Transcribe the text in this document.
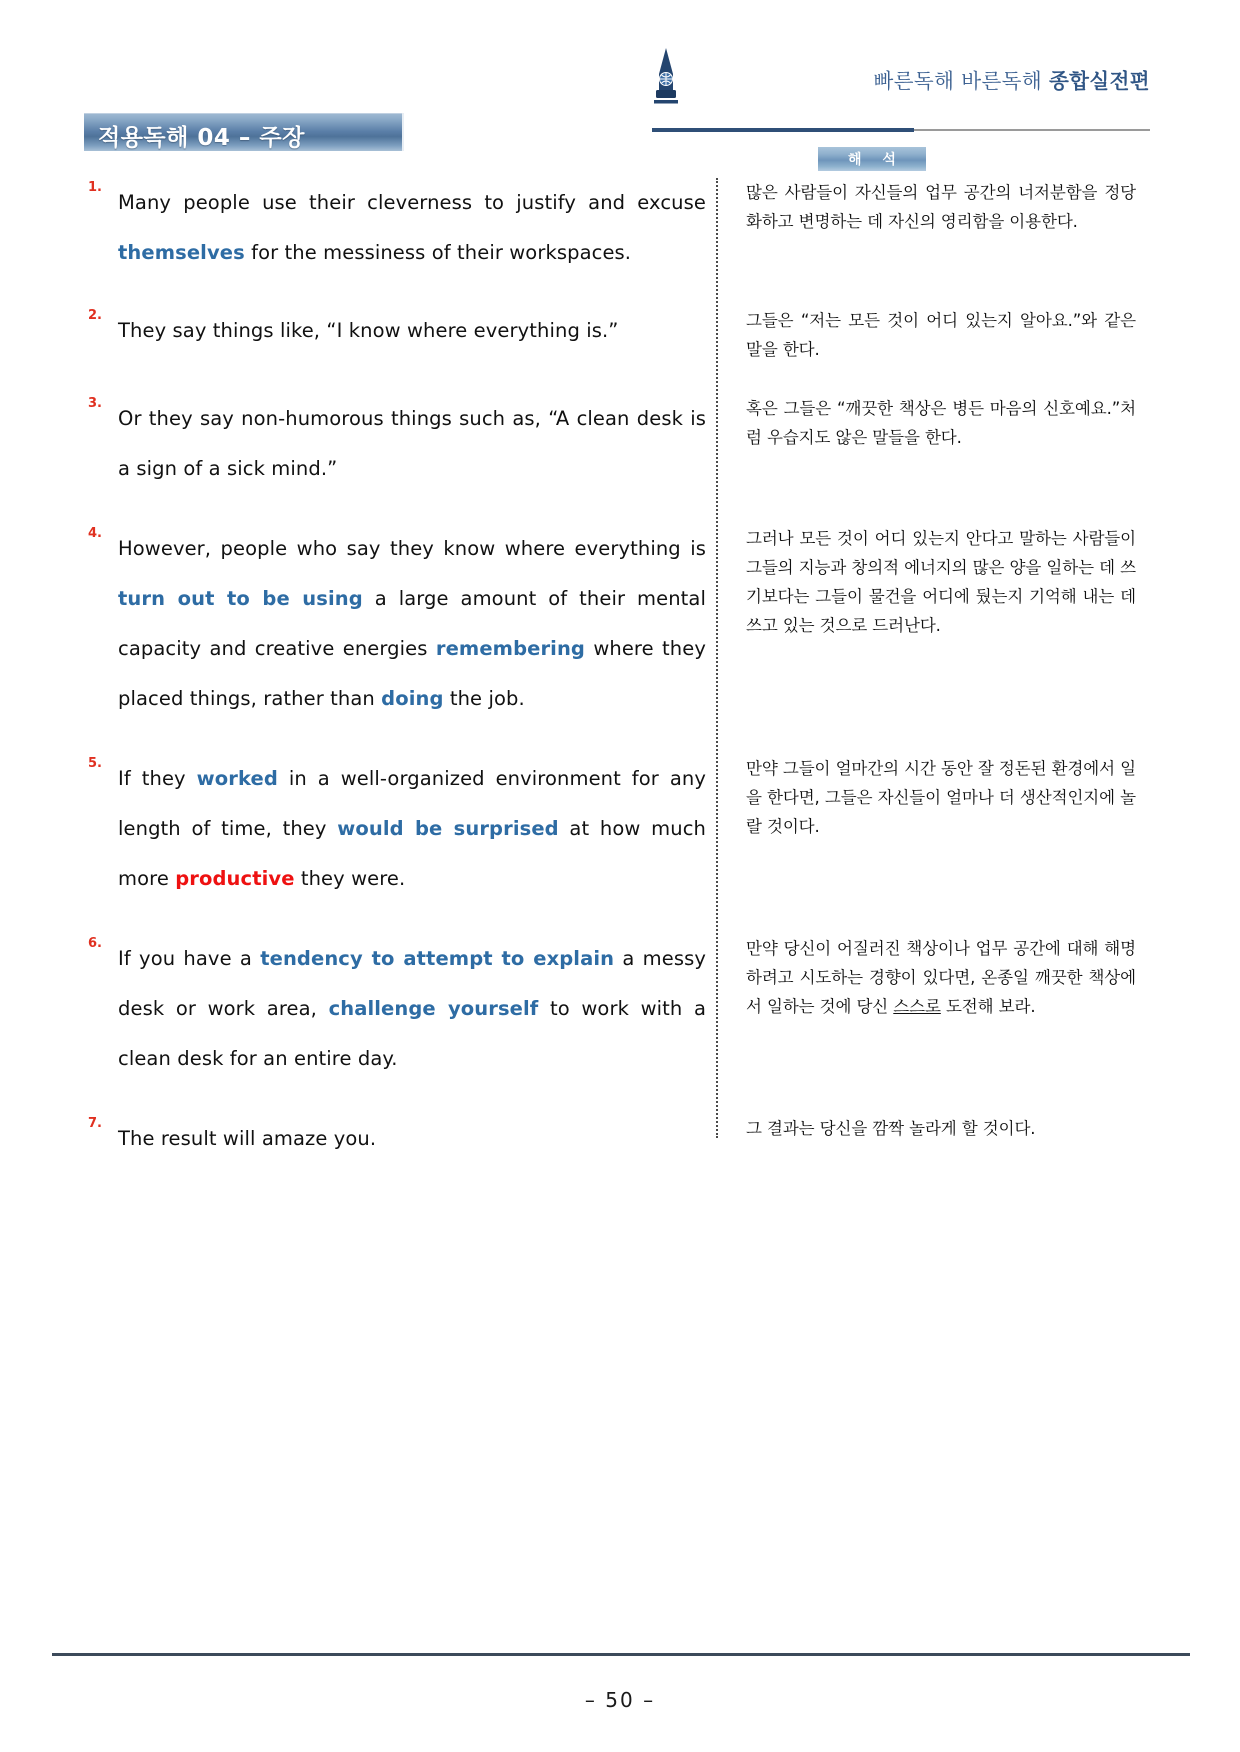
빠른독해 바른독해 종합실전편
적용독해 04 – 주장
해 석
1.
Many people use their cleverness to justify and excuse themselves for the messiness of their workspaces.
많은 사람들이 자신들의 업무 공간의 너저분함을 정당화하고 변명하는 데 자신의 영리함을 이용한다.
2.
They say things like, “I know where everything is.”	그들은 “저는 모든 것이 어디 있는지 알아요.”와 같은 말을 한다.
3.
Or they say non-humorous things such as, “A clean desk is a sign of a sick mind.”
혹은 그들은 “깨끗한 책상은 병든 마음의 신호예요.”처럼 우습지도 않은 말들을 한다.
4.
However, people who say they know where everything is turn out to be using a large amount of their mental capacity and creative energies remembering where they placed things, rather than doing the job.
그러나 모든 것이 어디 있는지 안다고 말하는 사람들이 그들의 지능과 창의적 에너지의 많은 양을 일하는 데 쓰기보다는 그들이 물건을 어디에 뒀는지 기억해 내는 데 쓰고 있는 것으로 드러난다.
5.
If they worked in a well-organized environment for any length of time, they would be surprised at how much more productive they were.
만약 그들이 얼마간의 시간 동안 잘 정돈된 환경에서 일을 한다면, 그들은 자신들이 얼마나 더 생산적인지에 놀랄 것이다.
6.
If you have a tendency to attempt to explain a messy desk or work area, challenge yourself to work with a clean desk for an entire day.
만약 당신이 어질러진 책상이나 업무 공간에 대해 해명하려고 시도하는 경향이 있다면, 온종일 깨끗한 책상에서 일하는 것에 당신 스스로 도전해 보라.
7.
The result will amaze you.	그 결과는 당신을 깜짝 놀라게 할 것이다.
– 50 –
